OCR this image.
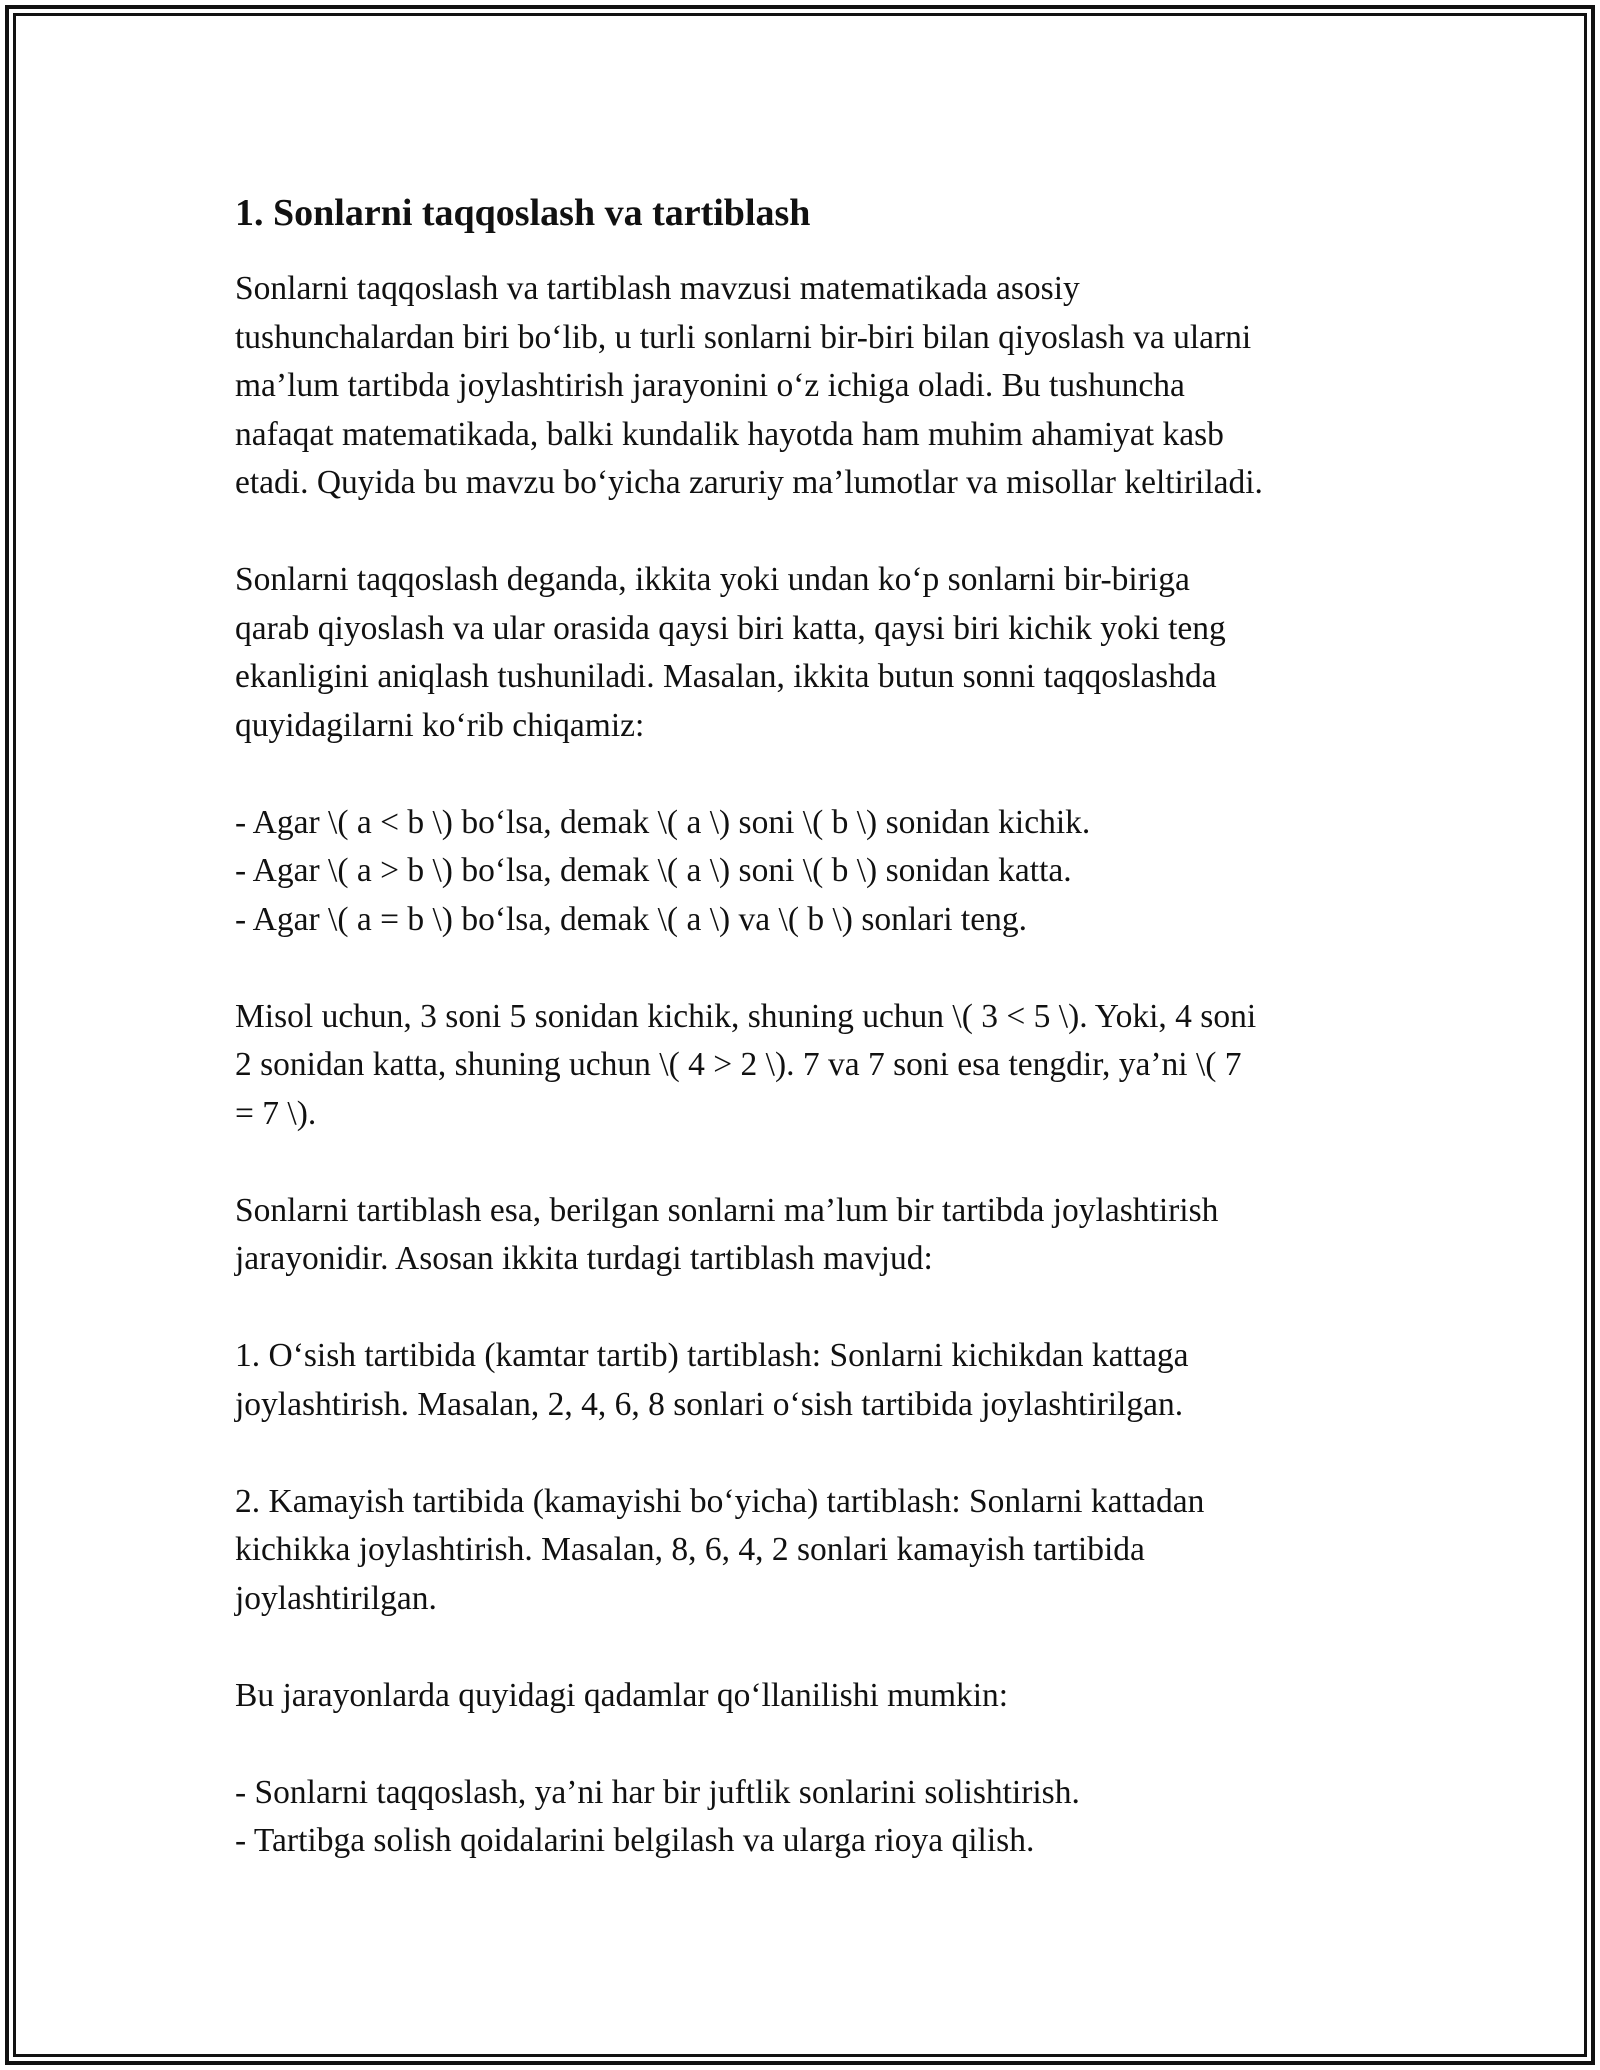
1. Sonlarni taqqoslash va tartiblash

Sonlarni taqqoslash va tartiblash mavzusi matematikada asosiy
tushunchalardan biri bo‘lib, u turli sonlarni bir-biri bilan qiyoslash va ularni
ma’lum tartibda joylashtirish jarayonini o‘z ichiga oladi. Bu tushuncha
nafaqat matematikada, balki kundalik hayotda ham muhim ahamiyat kasb
etadi. Quyida bu mavzu bo‘yicha zaruriy ma’lumotlar va misollar keltiriladi.

Sonlarni taqqoslash deganda, ikkita yoki undan ko‘p sonlarni bir-biriga
qarab qiyoslash va ular orasida qaysi biri katta, qaysi biri kichik yoki teng
ekanligini aniqlash tushuniladi. Masalan, ikkita butun sonni taqqoslashda
quyidagilarni ko‘rib chiqamiz:

- Agar \( a < b \) bo‘lsa, demak \( a \) soni \( b \) sonidan kichik.
- Agar \( a > b \) bo‘lsa, demak \( a \) soni \( b \) sonidan katta.
- Agar \( a = b \) bo‘lsa, demak \( a \) va \( b \) sonlari teng.

Misol uchun, 3 soni 5 sonidan kichik, shuning uchun \( 3 < 5 \). Yoki, 4 soni
2 sonidan katta, shuning uchun \( 4 > 2 \). 7 va 7 soni esa tengdir, ya’ni \( 7
= 7 \).

Sonlarni tartiblash esa, berilgan sonlarni ma’lum bir tartibda joylashtirish
jarayonidir. Asosan ikkita turdagi tartiblash mavjud:

1. O‘sish tartibida (kamtar tartib) tartiblash: Sonlarni kichikdan kattaga
joylashtirish. Masalan, 2, 4, 6, 8 sonlari o‘sish tartibida joylashtirilgan.

2. Kamayish tartibida (kamayishi bo‘yicha) tartiblash: Sonlarni kattadan
kichikka joylashtirish. Masalan, 8, 6, 4, 2 sonlari kamayish tartibida
joylashtirilgan.

Bu jarayonlarda quyidagi qadamlar qo‘llanilishi mumkin:

- Sonlarni taqqoslash, ya’ni har bir juftlik sonlarini solishtirish.
- Tartibga solish qoidalarini belgilash va ularga rioya qilish.
